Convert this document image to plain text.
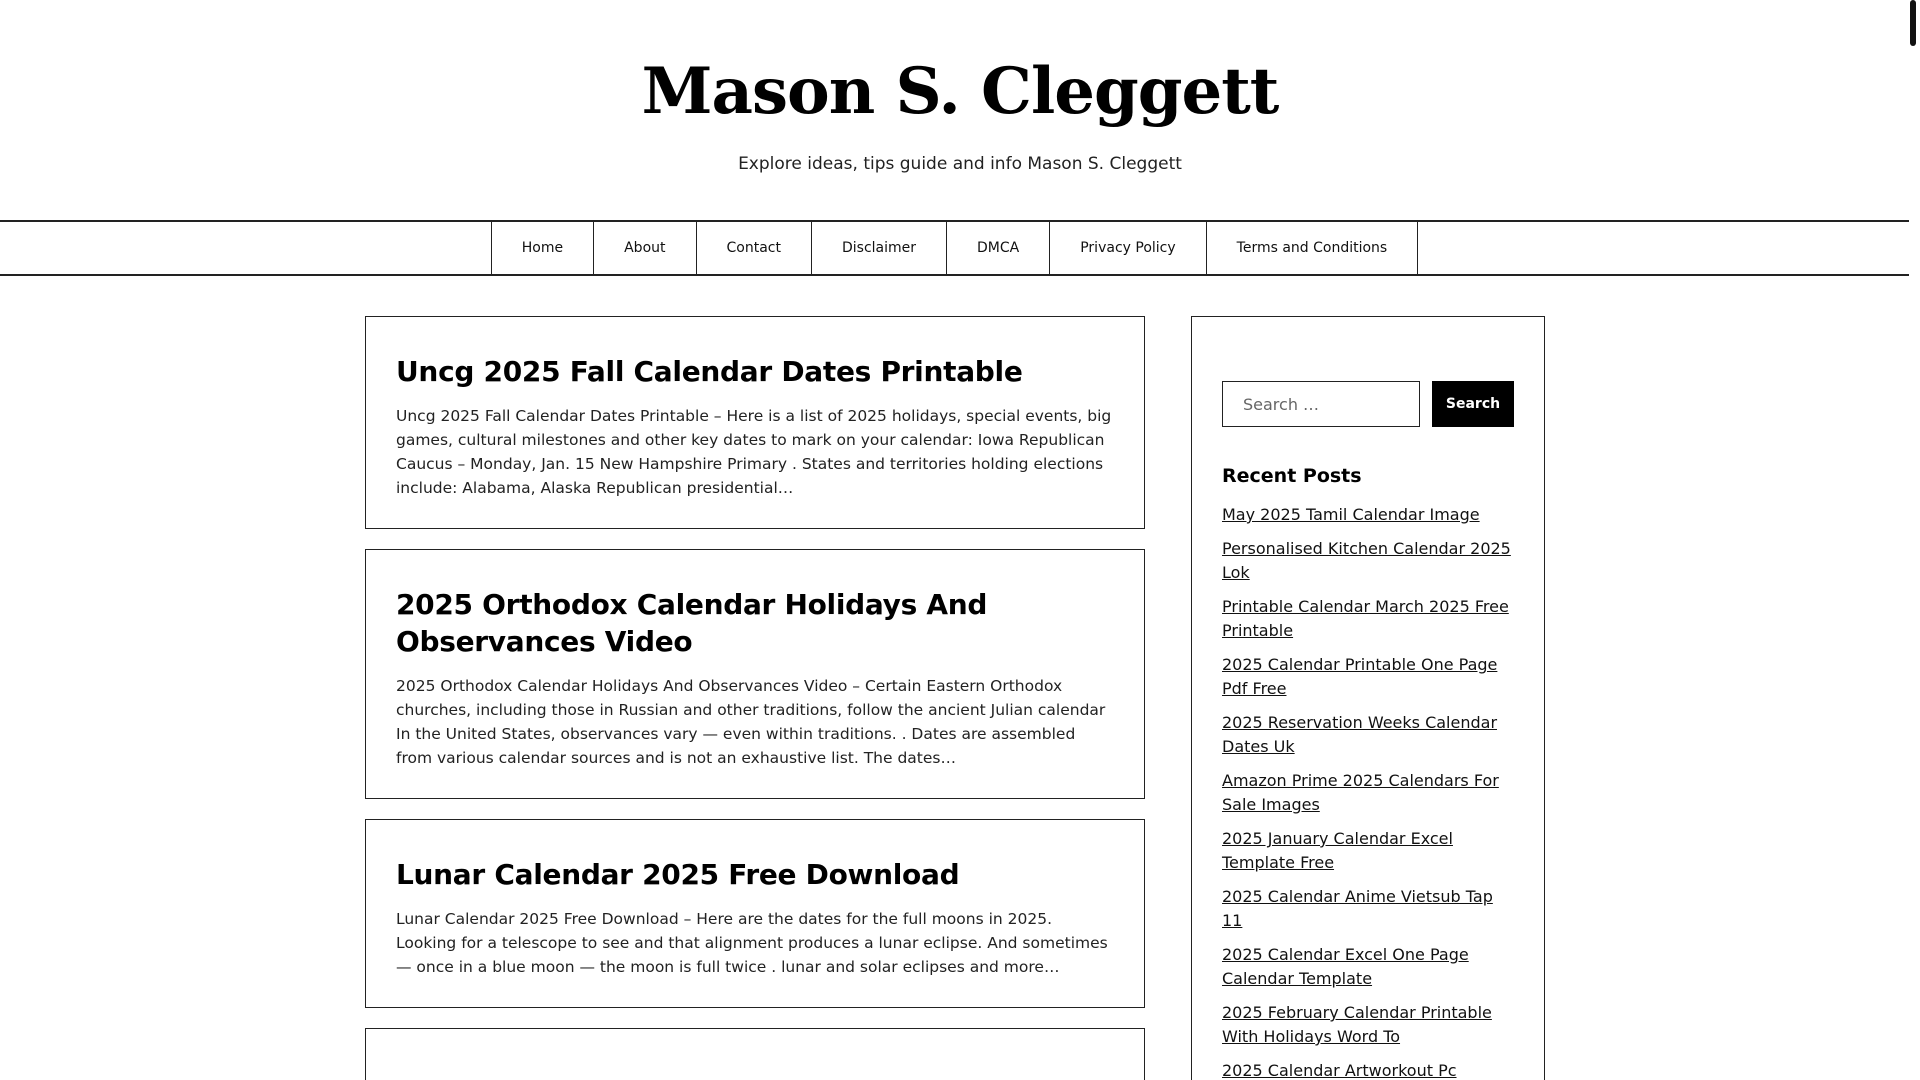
Mason S. Cleggett
Explore ideas, tips guide and info Mason S. Cleggett
Home	About	Contact	Disclaimer	DMCA	Privacy Policy	Terms and Conditions
Uncg 2025 Fall Calendar Dates Printable

Uncg 2025 Fall Calendar Dates Printable – Here is a list of 2025 holidays, special events, big games, cultural milestones and other key dates to mark on your calendar: Iowa Republican Caucus – Monday, Jan. 15 New Hampshire Primary . States and territories holding elections include: Alabama, Alaska Republican presidential…

2025 Orthodox Calendar Holidays And Observances Video

2025 Orthodox Calendar Holidays And Observances Video – Certain Eastern Orthodox churches, including those in Russian and other traditions, follow the ancient Julian calendar In the United States, observances vary — even within traditions. . Dates are assembled from various calendar sources and is not an exhaustive list. The dates…

Lunar Calendar 2025 Free Download

Lunar Calendar 2025 Free Download – Here are the dates for the full moons in 2025. Looking for a telescope to see and that alignment produces a lunar eclipse. And sometimes — once in a blue moon — the moon is full twice . lunar and solar eclipses and more…

Search …
Search
Recent Posts
May 2025 Tamil Calendar Image
Personalised Kitchen Calendar 2025 Lok
Printable Calendar March 2025 Free Printable
2025 Calendar Printable One Page Pdf Free
2025 Reservation Weeks Calendar Dates Uk
Amazon Prime 2025 Calendars For Sale Images
2025 January Calendar Excel Template Free
2025 Calendar Anime Vietsub Tap 11
2025 Calendar Excel One Page Calendar Template
2025 February Calendar Printable With Holidays Word To
2025 Calendar Artworkout Pc
